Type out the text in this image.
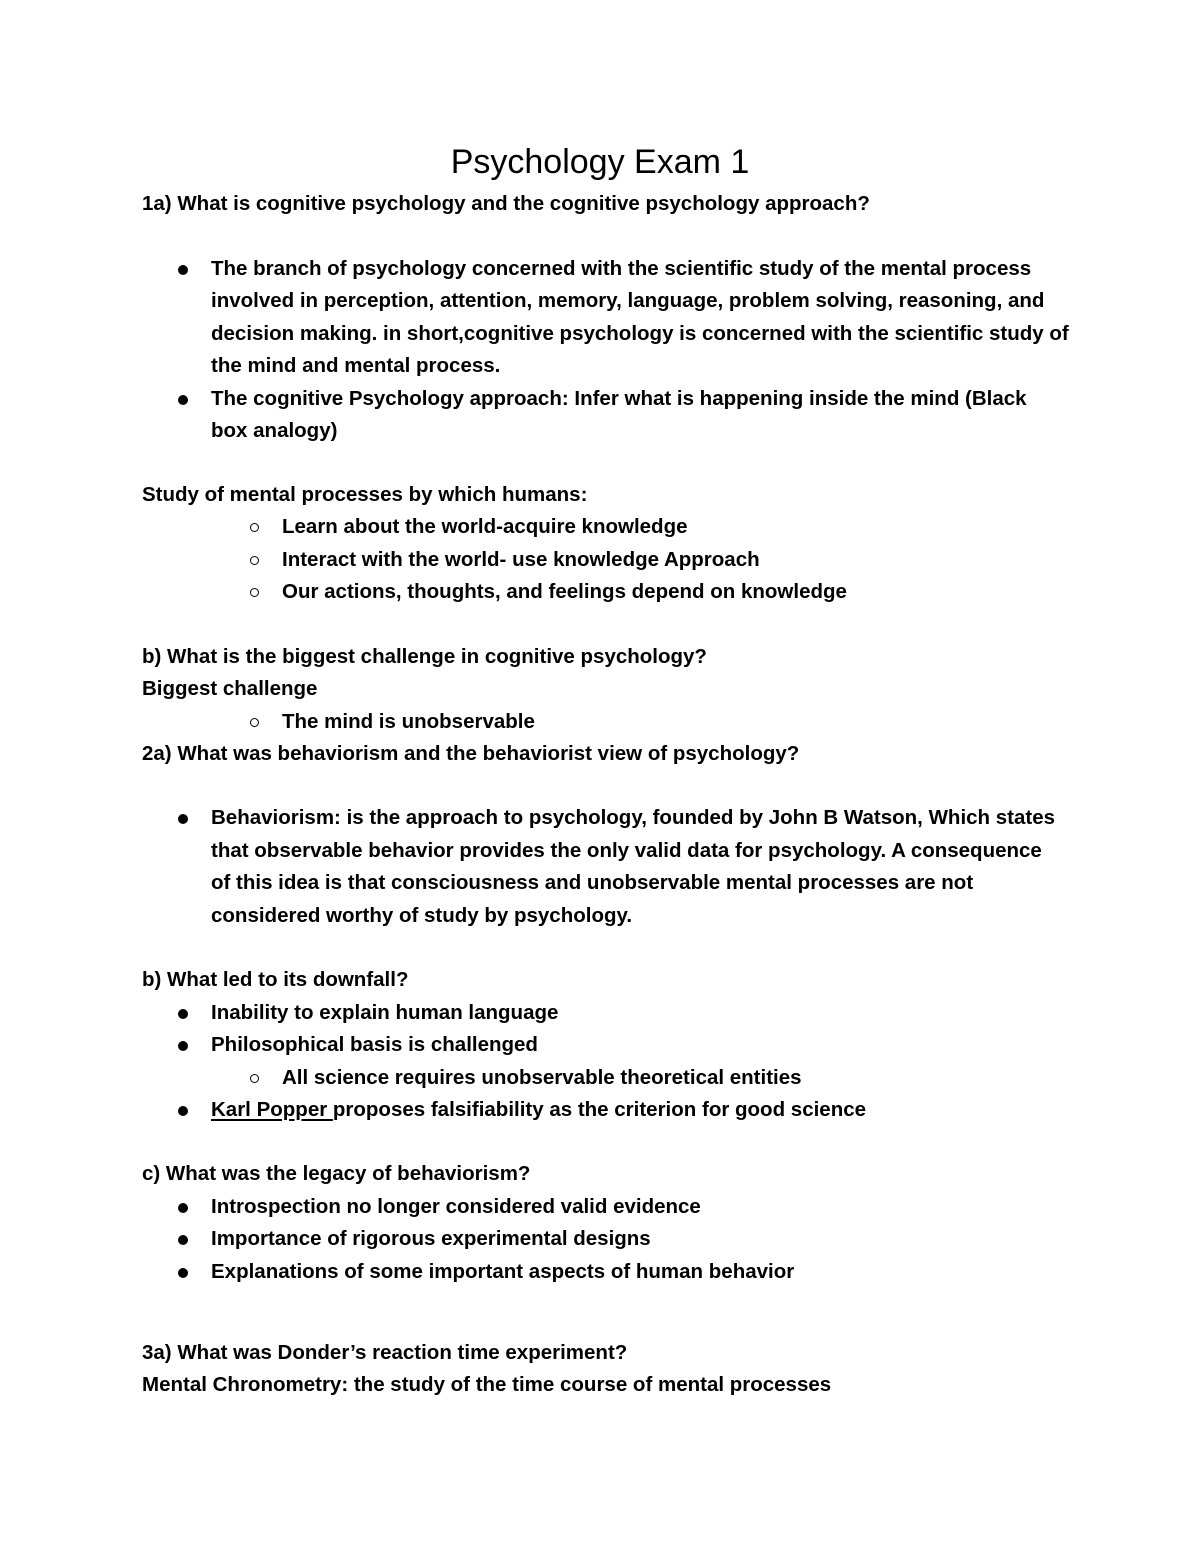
Psychology Exam 1
1a) What is cognitive psychology and the cognitive psychology approach?
The branch of psychology concerned with the scientific study of the mental process
involved in perception, attention, memory, language, problem solving, reasoning, and
decision making. in short,cognitive psychology is concerned with the scientific study of
the mind and mental process.
The cognitive Psychology approach: Infer what is happening inside the mind (Black
box analogy)
Study of mental processes by which humans:
Learn about the world-acquire knowledge
Interact with the world- use knowledge Approach
Our actions, thoughts, and feelings depend on knowledge
b) What is the biggest challenge in cognitive psychology?
Biggest challenge
The mind is unobservable
2a) What was behaviorism and the behaviorist view of psychology?
Behaviorism: is the approach to psychology, founded by John B Watson, Which states
that observable behavior provides the only valid data for psychology. A consequence
of this idea is that consciousness and unobservable mental processes are not
considered worthy of study by psychology.
b) What led to its downfall?
Inability to explain human language
Philosophical basis is challenged
All science requires unobservable theoretical entities
Karl Popper proposes falsifiability as the criterion for good science
c) What was the legacy of behaviorism?
Introspection no longer considered valid evidence
Importance of rigorous experimental designs
Explanations of some important aspects of human behavior
3a) What was Donder’s reaction time experiment?
Mental Chronometry: the study of the time course of mental processes
